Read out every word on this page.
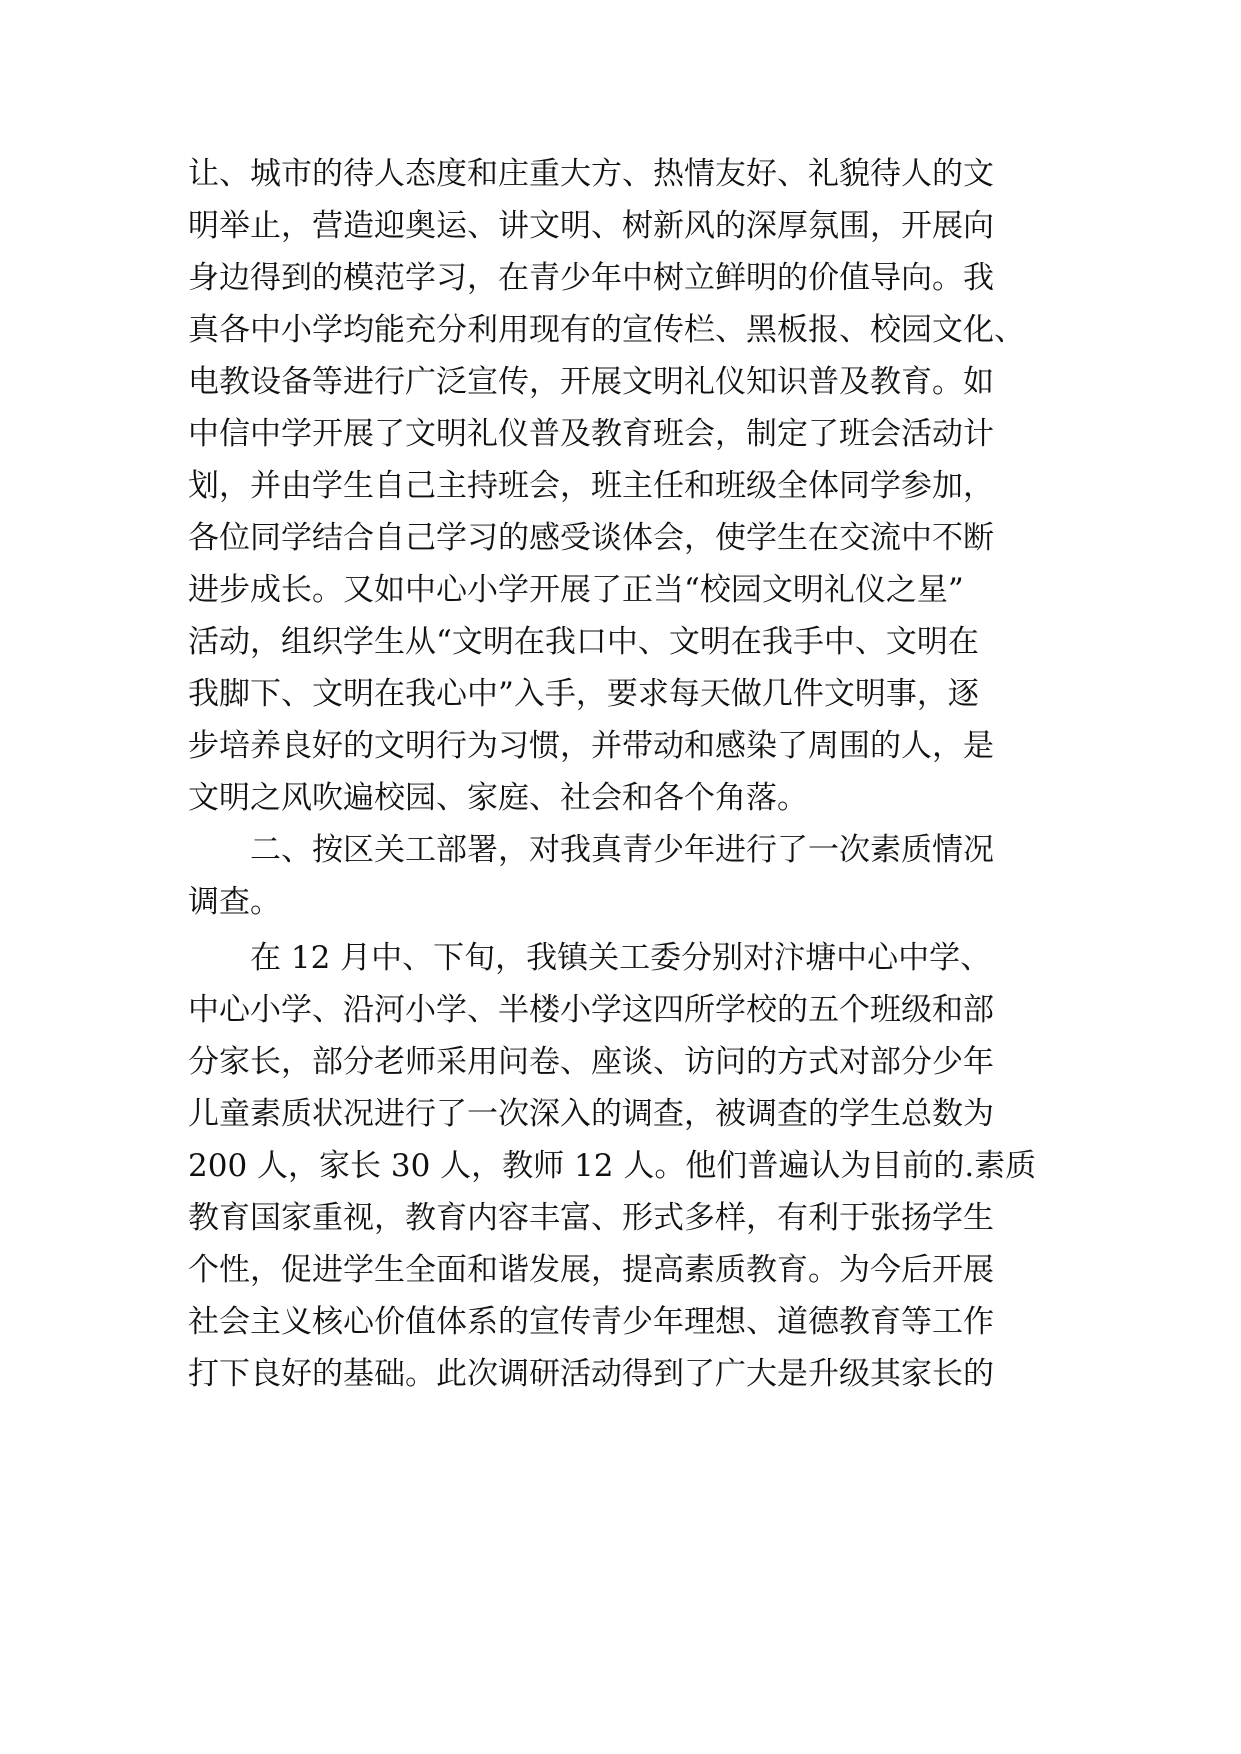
让、城市的待人态度和庄重大方、热情友好、礼貌待人的文
明举止，营造迎奥运、讲文明、树新风的深厚氛围，开展向
身边得到的模范学习，在青少年中树立鲜明的价值导向。我
真各中小学均能充分利用现有的宣传栏、黑板报、校园文化、
电教设备等进行广泛宣传，开展文明礼仪知识普及教育。如
中信中学开展了文明礼仪普及教育班会，制定了班会活动计
划，并由学生自己主持班会，班主任和班级全体同学参加，
各位同学结合自己学习的感受谈体会，使学生在交流中不断
进步成长。又如中心小学开展了正当“校园文明礼仪之星”
活动，组织学生从“文明在我口中、文明在我手中、文明在
我脚下、文明在我心中”入手，要求每天做几件文明事，逐
步培养良好的文明行为习惯，并带动和感染了周围的人，是
文明之风吹遍校园、家庭、社会和各个角落。
二、按区关工部署，对我真青少年进行了一次素质情况
调查。
在 12 月中、下旬，我镇关工委分别对汴塘中心中学、
中心小学、沿河小学、半楼小学这四所学校的五个班级和部
分家长，部分老师采用问卷、座谈、访问的方式对部分少年
儿童素质状况进行了一次深入的调查，被调查的学生总数为
200 人，家长 30 人，教师 12 人。他们普遍认为目前的.素质
教育国家重视，教育内容丰富、形式多样，有利于张扬学生
个性，促进学生全面和谐发展，提高素质教育。为今后开展
社会主义核心价值体系的宣传青少年理想、道德教育等工作
打下良好的基础。此次调研活动得到了广大是升级其家长的
